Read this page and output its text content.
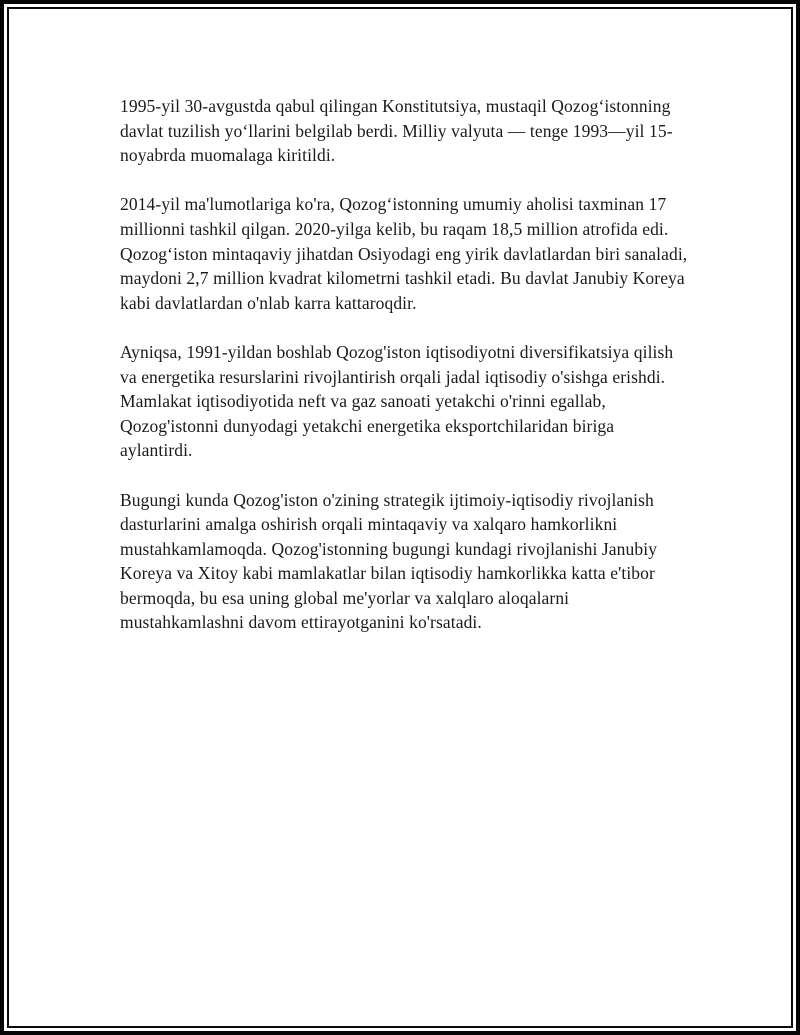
1995-yil 30-avgustda qabul qilingan Konstitutsiya, mustaqil Qozogʻistonning davlat tuzilish yoʻllarini belgilab berdi. Milliy valyuta — tenge 1993—yil 15-noyabrda muomalaga kiritildi.

2014-yil ma'lumotlariga ko'ra, Qozogʻistonning umumiy aholisi taxminan 17 millionni tashkil qilgan. 2020-yilga kelib, bu raqam 18,5 million atrofida edi. Qozogʻiston mintaqaviy jihatdan Osiyodagi eng yirik davlatlardan biri sanaladi, maydoni 2,7 million kvadrat kilometrni tashkil etadi. Bu davlat Janubiy Koreya kabi davlatlardan o'nlab karra kattaroqdir.

Ayniqsa, 1991-yildan boshlab Qozog'iston iqtisodiyotni diversifikatsiya qilish va energetika resurslarini rivojlantirish orqali jadal iqtisodiy o'sishga erishdi. Mamlakat iqtisodiyotida neft va gaz sanoati yetakchi o'rinni egallab, Qozog'istonni dunyodagi yetakchi energetika eksportchilaridan biriga aylantirdi.

Bugungi kunda Qozog'iston o'zining strategik ijtimoiy-iqtisodiy rivojlanish dasturlarini amalga oshirish orqali mintaqaviy va xalqaro hamkorlikni mustahkamlamoqda. Qozog'istonning bugungi kundagi rivojlanishi Janubiy Koreya va Xitoy kabi mamlakatlar bilan iqtisodiy hamkorlikka katta e'tibor bermoqda, bu esa uning global me'yorlar va xalqlaro aloqalarni mustahkamlashni davom ettirayotganini ko'rsatadi.
